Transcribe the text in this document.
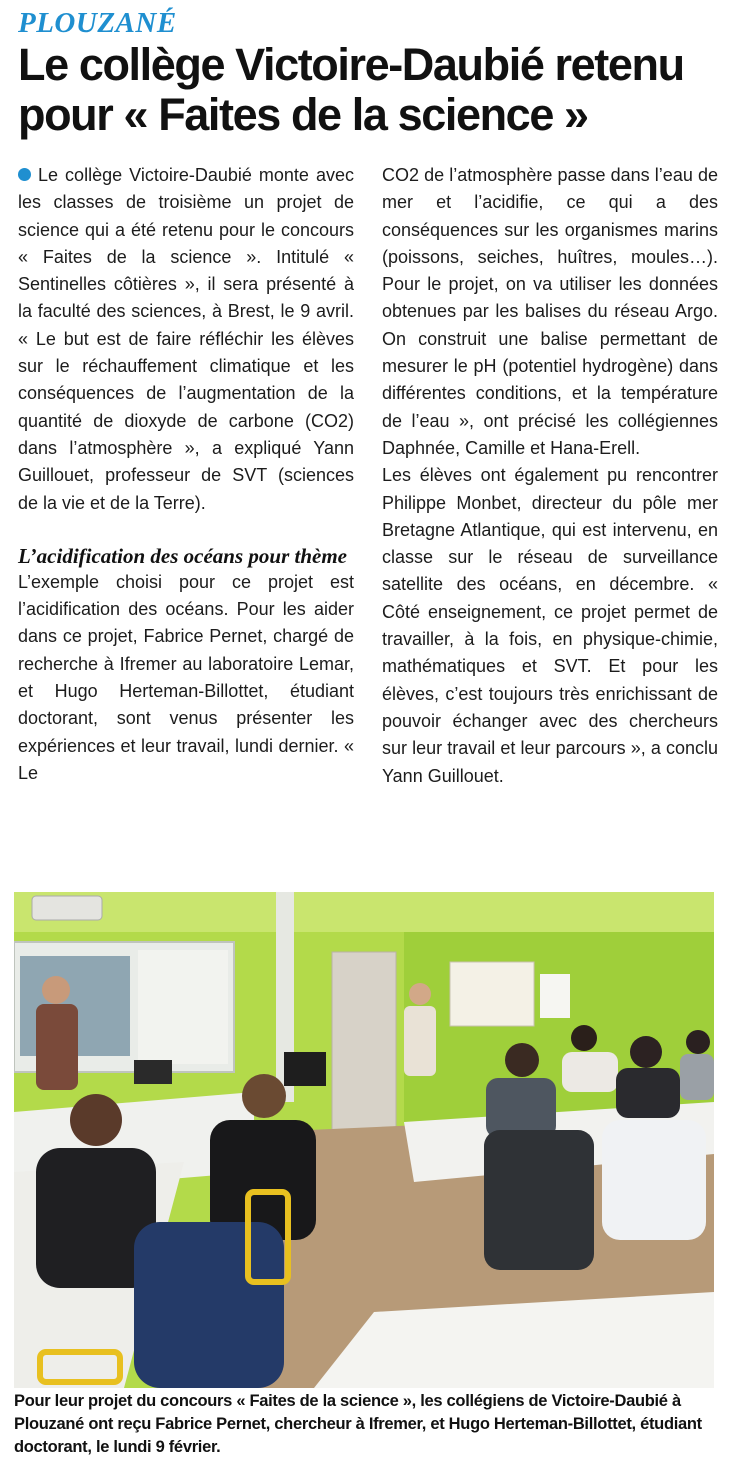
PLOUZANÉ
Le collège Victoire-Daubié retenu pour « Faites de la science »

Le collège Victoire-Daubié monte avec les classes de troisième un projet de science qui a été retenu pour le concours « Faites de la science ». Intitulé « Sentinelles côtières », il sera présenté à la faculté des sciences, à Brest, le 9 avril. « Le but est de faire réfléchir les élèves sur le réchauffement climatique et les conséquences de l’augmentation de la quantité de dioxyde de carbone (CO2) dans l’atmosphère », a expliqué Yann Guillouet, professeur de SVT (sciences de la vie et de la Terre).

L’acidification des océans pour thème

L’exemple choisi pour ce projet est l’acidification des océans. Pour les aider dans ce projet, Fabrice Pernet, chargé de recherche à Ifremer au laboratoire Lemar, et Hugo Herteman-Billottet, étudiant doctorant, sont venus présenter les expériences et leur travail, lundi dernier. « Le

CO2 de l’atmosphère passe dans l’eau de mer et l’acidifie, ce qui a des conséquences sur les organismes marins (poissons, seiches, huîtres, moules…). Pour le projet, on va utiliser les données obtenues par les balises du réseau Argo. On construit une balise permettant de mesurer le pH (potentiel hydrogène) dans différentes conditions, et la température de l’eau », ont précisé les collégiennes Daphnée, Camille et Hana-Erell.

Les élèves ont également pu rencontrer Philippe Monbet, directeur du pôle mer Bretagne Atlantique, qui est intervenu, en classe sur le réseau de surveillance satellite des océans, en décembre. « Côté enseignement, ce projet permet de travailler, à la fois, en physique-chimie, mathématiques et SVT. Et pour les élèves, c’est toujours très enrichissant de pouvoir échanger avec des chercheurs sur leur travail et leur parcours », a conclu Yann Guillouet.

Pour leur projet du concours « Faites de la science », les collégiens de Victoire-Daubié à Plouzané ont reçu Fabrice Pernet, chercheur à Ifremer, et Hugo Herteman-Billottet, étudiant doctorant, le lundi 9 février.
